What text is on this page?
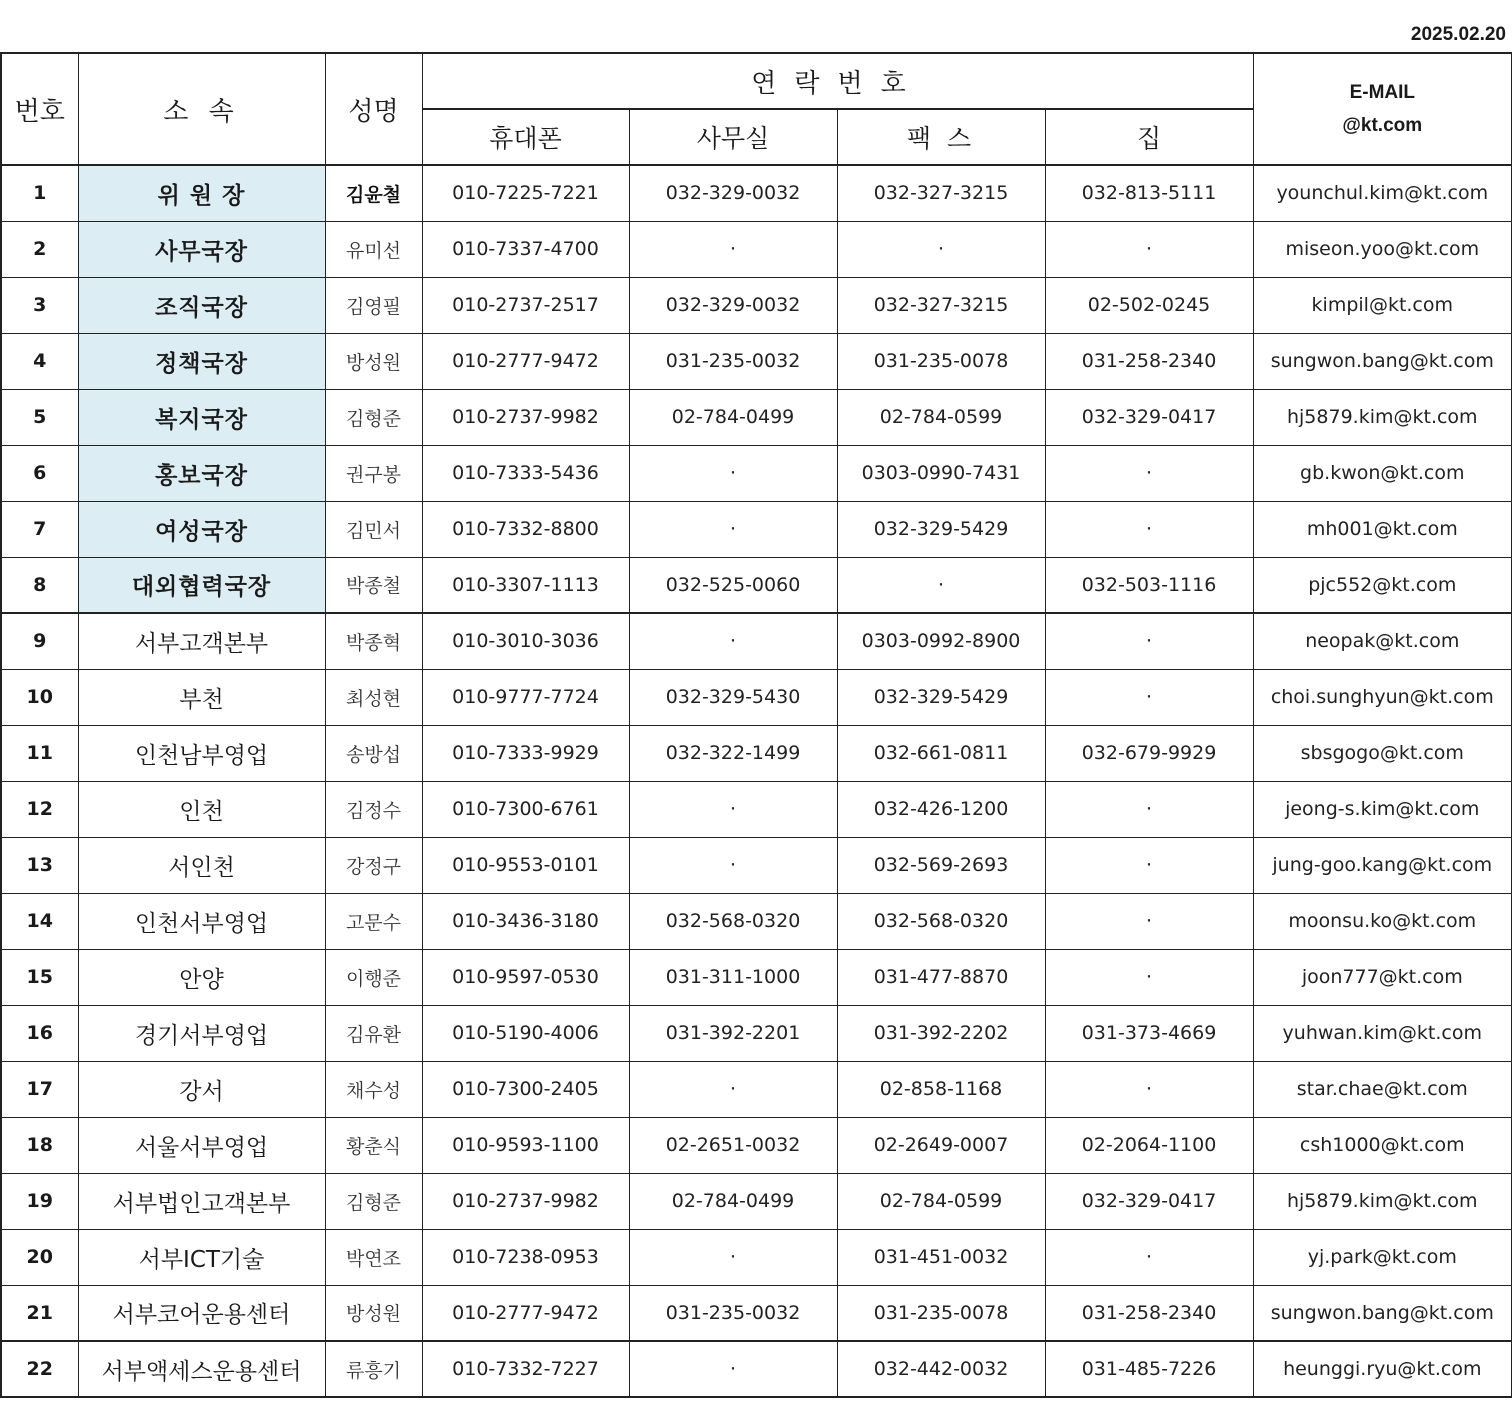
2025.02.20
번호	소 속	성명	연락번호				E-MAIL
@kt.com

			휴대폰	사무실	팩 스	집	
1	위 원 장	김윤철	010-7225-7221	032-329-0032	032-327-3215	032-813-5111	younchul.kim@kt.com
2	사무국장	유미선	010-7337-4700	·	·	·	miseon.yoo@kt.com
3	조직국장	김영필	010-2737-2517	032-329-0032	032-327-3215	02-502-0245	kimpil@kt.com
4	정책국장	방성원	010-2777-9472	031-235-0032	031-235-0078	031-258-2340	sungwon.bang@kt.com
5	복지국장	김형준	010-2737-9982	02-784-0499	02-784-0599	032-329-0417	hj5879.kim@kt.com
6	홍보국장	권구봉	010-7333-5436	·	0303-0990-7431	·	gb.kwon@kt.com
7	여성국장	김민서	010-7332-8800	·	032-329-5429	·	mh001@kt.com
8	대외협력국장	박종철	010-3307-1113	032-525-0060	·	032-503-1116	pjc552@kt.com
9	서부고객본부	박종혁	010-3010-3036	·	0303-0992-8900	·	neopak@kt.com
10	부천	최성현	010-9777-7724	032-329-5430	032-329-5429	·	choi.sunghyun@kt.com
11	인천남부영업	송방섭	010-7333-9929	032-322-1499	032-661-0811	032-679-9929	sbsgogo@kt.com
12	인천	김정수	010-7300-6761	·	032-426-1200	·	jeong-s.kim@kt.com
13	서인천	강정구	010-9553-0101	·	032-569-2693	·	jung-goo.kang@kt.com
14	인천서부영업	고문수	010-3436-3180	032-568-0320	032-568-0320	·	moonsu.ko@kt.com
15	안양	이행준	010-9597-0530	031-311-1000	031-477-8870	·	joon777@kt.com
16	경기서부영업	김유환	010-5190-4006	031-392-2201	031-392-2202	031-373-4669	yuhwan.kim@kt.com
17	강서	채수성	010-7300-2405	·	02-858-1168	·	star.chae@kt.com
18	서울서부영업	황춘식	010-9593-1100	02-2651-0032	02-2649-0007	02-2064-1100	csh1000@kt.com
19	서부법인고객본부	김형준	010-2737-9982	02-784-0499	02-784-0599	032-329-0417	hj5879.kim@kt.com
20	서부ICT기술	박연조	010-7238-0953	·	031-451-0032	·	yj.park@kt.com
21	서부코어운용센터	방성원	010-2777-9472	031-235-0032	031-235-0078	031-258-2340	sungwon.bang@kt.com
22	서부액세스운용센터	류흥기	010-7332-7227	·	032-442-0032	031-485-7226	heunggi.ryu@kt.com
